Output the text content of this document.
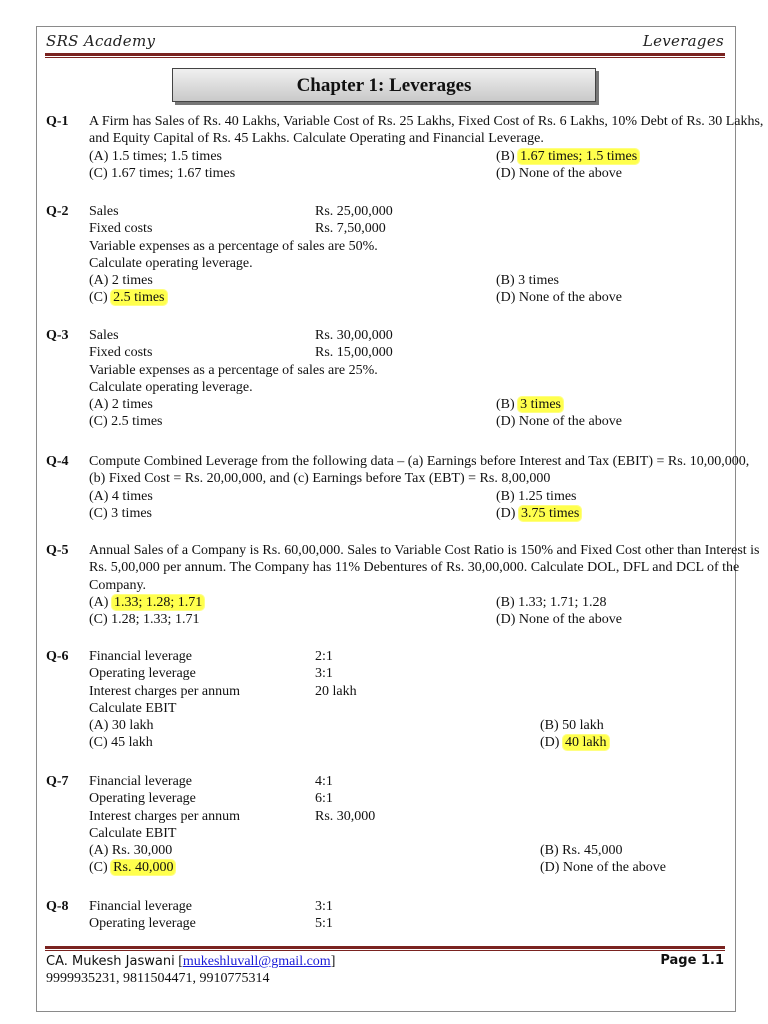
SRS Academy	Leverages
Chapter 1: Leverages
Q-1	A Firm has Sales of Rs. 40 Lakhs, Variable Cost of Rs. 25 Lakhs, Fixed Cost of Rs. 6 Lakhs, 10% Debt of Rs. 30 Lakhs, and Equity Capital of Rs. 45 Lakhs. Calculate Operating and Financial Leverage.
(A) 1.5 times; 1.5 times	(B) 1.67 times; 1.5 times
(C) 1.67 times; 1.67 times	(D) None of the above
Q-2	Sales	Rs. 25,00,000
Fixed costs	Rs. 7,50,000
Variable expenses as a percentage of sales are 50%.
Calculate operating leverage.
(A) 2 times	(B) 3 times
(C) 2.5 times	(D) None of the above
Q-3	Sales	Rs. 30,00,000
Fixed costs	Rs. 15,00,000
Variable expenses as a percentage of sales are 25%.
Calculate operating leverage.
(A) 2 times	(B) 3 times
(C) 2.5 times	(D) None of the above
Q-4	Compute Combined Leverage from the following data – (a) Earnings before Interest and Tax (EBIT) = Rs. 10,00,000, (b) Fixed Cost = Rs. 20,00,000, and (c) Earnings before Tax (EBT) = Rs. 8,00,000
(A) 4 times	(B) 1.25 times
(C) 3 times	(D) 3.75 times
Q-5	Annual Sales of a Company is Rs. 60,00,000. Sales to Variable Cost Ratio is 150% and Fixed Cost other than Interest is Rs. 5,00,000 per annum. The Company has 11% Debentures of Rs. 30,00,000. Calculate DOL, DFL and DCL of the Company.
(A) 1.33; 1.28; 1.71	(B) 1.33; 1.71; 1.28
(C) 1.28; 1.33; 1.71	(D) None of the above
Q-6	Financial leverage	2:1
Operating leverage	3:1
Interest charges per annum	20 lakh
Calculate EBIT
(A) 30 lakh	(B) 50 lakh
(C) 45 lakh	(D) 40 lakh
Q-7	Financial leverage	4:1
Operating leverage	6:1
Interest charges per annum	Rs. 30,000
Calculate EBIT
(A) Rs. 30,000	(B) Rs. 45,000
(C) Rs. 40,000	(D) None of the above
Q-8	Financial leverage	3:1
Operating leverage	5:1
CA. Mukesh Jaswani [mukeshluvall@gmail.com]
9999935231, 9811504471, 9910775314
Page 1.1
